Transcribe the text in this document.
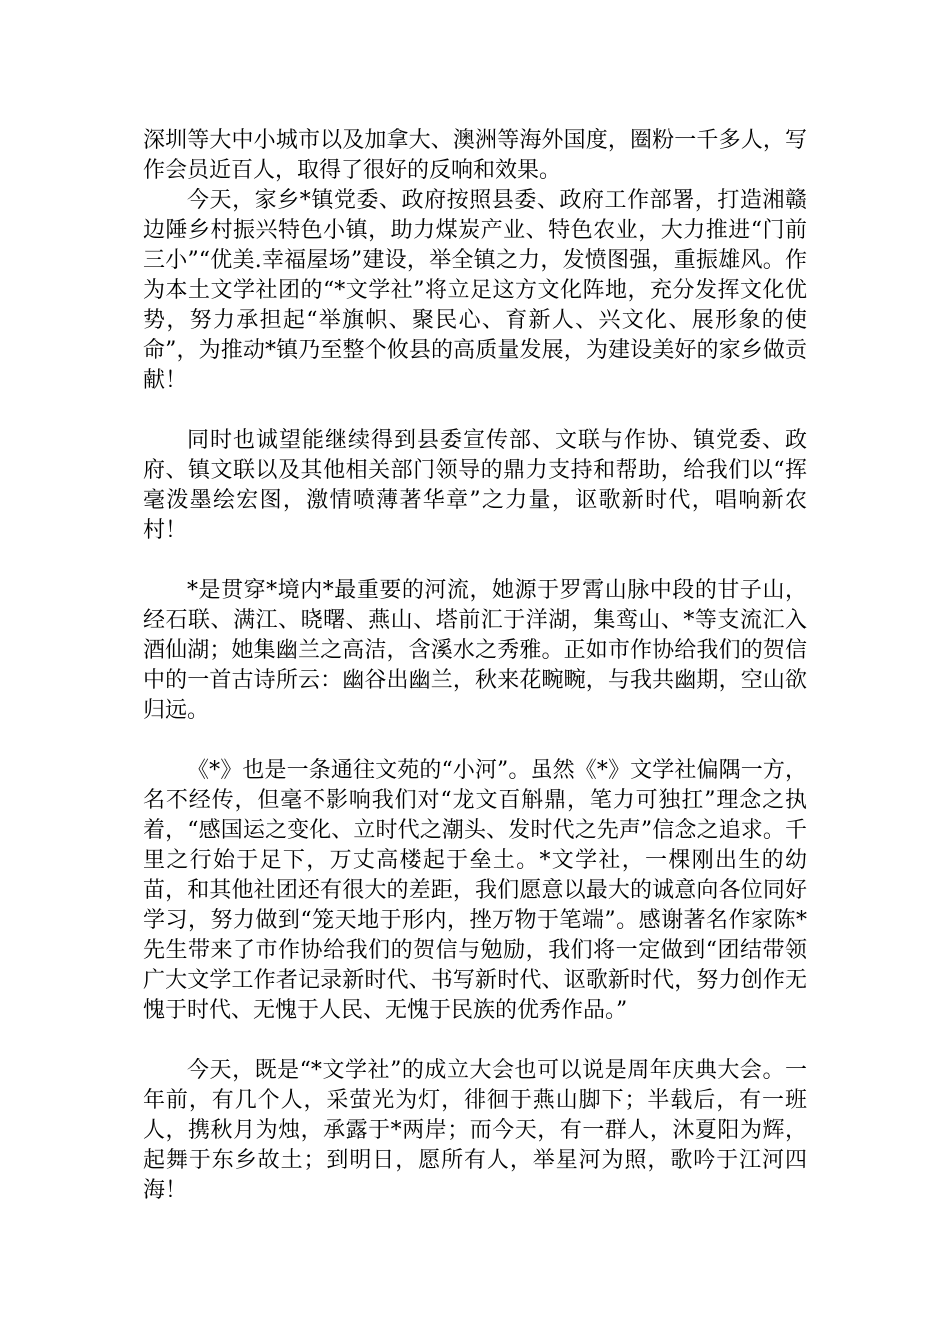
深圳等大中小城市以及加拿大、澳洲等海外国度，圈粉一千多人，写作会员近百人，取得了很好的反响和效果。

今天，家乡*镇党委、政府按照县委、政府工作部署，打造湘赣边陲乡村振兴特色小镇，助力煤炭产业、特色农业，大力推进“门前三小”“优美.幸福屋场”建设，举全镇之力，发愤图强，重振雄风。作为本土文学社团的“*文学社”将立足这方文化阵地，充分发挥文化优势，努力承担起“举旗帜、聚民心、育新人、兴文化、展形象的使命”，为推动*镇乃至整个攸县的高质量发展，为建设美好的家乡做贡献！

同时也诚望能继续得到县委宣传部、文联与作协、镇党委、政府、镇文联以及其他相关部门领导的鼎力支持和帮助，给我们以“挥毫泼墨绘宏图，激情喷薄著华章”之力量，讴歌新时代，唱响新农村！

*是贯穿*境内*最重要的河流，她源于罗霄山脉中段的甘子山，经石联、满江、晓曙、燕山、塔前汇于洋湖，集鸾山、*等支流汇入酒仙湖；她集幽兰之高洁，含溪水之秀雅。正如市作协给我们的贺信中的一首古诗所云：幽谷出幽兰，秋来花畹畹，与我共幽期，空山欲归远。

《*》也是一条通往文苑的“小河”。虽然《*》文学社偏隅一方，名不经传，但毫不影响我们对“龙文百斛鼎，笔力可独扛”理念之执着，“感国运之变化、立时代之潮头、发时代之先声”信念之追求。千里之行始于足下，万丈高楼起于垒土。*文学社，一棵刚出生的幼苗，和其他社团还有很大的差距，我们愿意以最大的诚意向各位同好学习，努力做到“笼天地于形内，挫万物于笔端”。感谢著名作家陈*先生带来了市作协给我们的贺信与勉励，我们将一定做到“团结带领广大文学工作者记录新时代、书写新时代、讴歌新时代，努力创作无愧于时代、无愧于人民、无愧于民族的优秀作品。”

今天，既是“*文学社”的成立大会也可以说是周年庆典大会。一年前，有几个人，采萤光为灯，徘徊于燕山脚下；半载后，有一班人，携秋月为烛，承露于*两岸；而今天，有一群人，沐夏阳为辉，起舞于东乡故土；到明日，愿所有人，举星河为照，歌吟于江河四海！
